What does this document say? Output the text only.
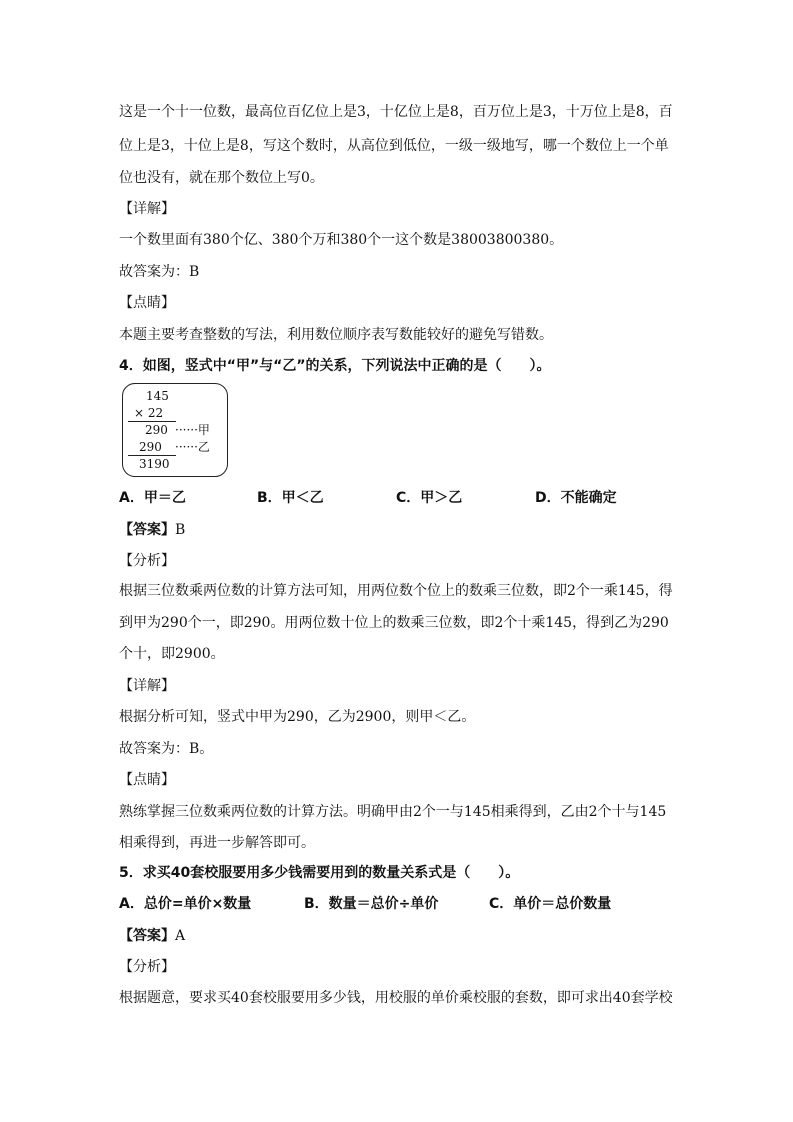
这是一个十一位数，最高位百亿位上是3，十亿位上是8，百万位上是3，十万位上是8，百
位上是3，十位上是8，写这个数时，从高位到低位，一级一级地写，哪一个数位上一个单
位也没有，就在那个数位上写0。
【详解】
一个数里面有380个亿、380个万和380个一这个数是38003800380。
故答案为：B
【点睛】
本题主要考查整数的写法，利用数位顺序表写数能较好的避免写错数。
4．如图，竖式中“甲”与“乙”的关系，下列说法中正确的是（　　）。
145
× 22
290 ······甲
290 ······乙
3190
A．甲＝乙	B．甲＜乙	C．甲＞乙	D．不能确定
【答案】B
【分析】
根据三位数乘两位数的计算方法可知，用两位数个位上的数乘三位数，即2个一乘145，得
到甲为290个一，即290。用两位数十位上的数乘三位数，即2个十乘145，得到乙为290
个十，即2900。
【详解】
根据分析可知，竖式中甲为290，乙为2900，则甲＜乙。
故答案为：B。
【点睛】
熟练掌握三位数乘两位数的计算方法。明确甲由2个一与145相乘得到，乙由2个十与145
相乘得到，再进一步解答即可。
5．求买40套校服要用多少钱需要用到的数量关系式是（　　）。
A．总价=单价×数量	B．数量＝总价÷单价	C．单价＝总价数量
【答案】A
【分析】
根据题意，要求买40套校服要用多少钱，用校服的单价乘校服的套数，即可求出40套学校
